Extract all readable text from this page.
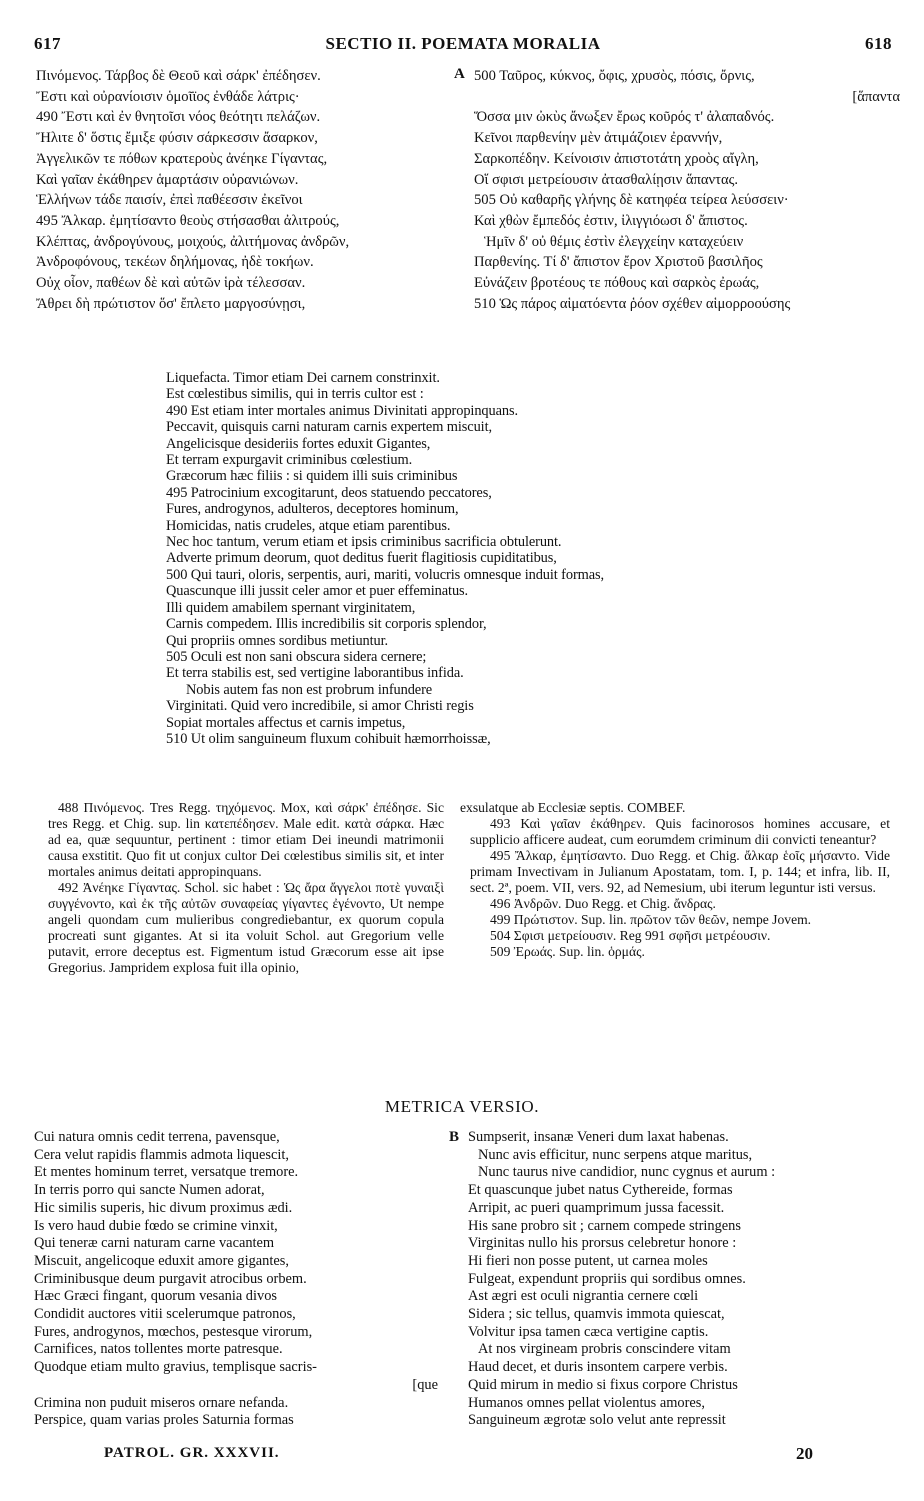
SECTIO II. POEMATA MORALIA
617	618
A
B
Πινόμενος. Τάρβος δὲ Θεοῦ καὶ σάρκ' ἐπέδησεν.
Ἔστι καὶ οὐρανίοισιν ὁμοῖϊος ἐνθάδε λάτρις·
490 Ἔστι καὶ ἐν θνητοῖσι νόος θεότητι πελάζων.
Ἤλιτε δ' ὅστις ἔμιξε φύσιν σάρκεσσιν ἄσαρκον,
Ἀγγελικῶν τε πόθων κρατεροὺς ἀνέηκε Γίγαντας,
Καὶ γαῖαν ἐκάθηρεν ἁμαρτάσιν οὐρανιώνων.
Ἑλλήνων τάδε παισίν, ἐπεὶ παθέεσσιν ἐκεῖνοι
495 Ἄλκαρ. ἐμητίσαντο θεοὺς στήσασθαι ἀλιτρούς,
Κλέπτας, ἀνδρογύνους, μοιχούς, ἀλιτήμονας ἀνδρῶν,
Ἀνδροφόνους, τεκέων δηλήμονας, ἠδὲ τοκήων.
Οὐχ οἷον, παθέων δὲ καὶ αὐτῶν ἱρὰ τέλεσσαν.
Ἄθρει δὴ πρώτιστον ὅσ' ἔπλετο μαργοσύνῃσι,
500 Ταῦρος, κύκνος, ὄφις, χρυσὸς, πόσις, ὄρνις,
[ἅπαντα
Ὅσσα μιν ὠκὺς ἄνωξεν ἔρως κοῦρός τ' ἀλαπαδνός.
Κεῖνοι παρθενίην μὲν ἀτιμάζοιεν ἐραννήν,
Σαρκοπέδην. Κείνοισιν ἀπιστοτάτη χροὸς αἴγλη,
Οἵ σφισι μετρείουσιν ἀτασθαλίῃσιν ἅπαντας.
505 Οὐ καθαρῆς γλήνης δὲ κατηφέα τείρεα λεύσσειν·
Καὶ χθὼν ἔμπεδός ἐστιν, ἰλιγγιόωσι δ' ἄπιστος.
Ἡμῖν δ' οὐ θέμις ἐστὶν ἐλεγχείην καταχεύειν
Παρθενίης. Τί δ' ἄπιστον ἔρον Χριστοῦ βασιλῆος
Εὐνάζειν βροτέους τε πόθους καὶ σαρκὸς ἐρωάς,
510 Ὡς πάρος αἱματόεντα ῥόον σχέθεν αἱμορροούσης
Liquefacta. Timor etiam Dei carnem constrinxit.
Est cœlestibus similis, qui in terris cultor est :
490 Est etiam inter mortales animus Divinitati appropinquans.
Peccavit, quisquis carni naturam carnis expertem miscuit,
Angelicisque desideriis fortes eduxit Gigantes,
Et terram expurgavit criminibus cœlestium.
Græcorum hæc filiis : si quidem illi suis criminibus
495 Patrocinium excogitarunt, deos statuendo peccatores,
Fures, androgynos, adulteros, deceptores hominum,
Homicidas, natis crudeles, atque etiam parentibus.
Nec hoc tantum, verum etiam et ipsis criminibus sacrificia obtulerunt.
Adverte primum deorum, quot deditus fuerit flagitiosis cupiditatibus,
500 Qui tauri, oloris, serpentis, auri, mariti, volucris omnesque induit formas,
Quascunque illi jussit celer amor et puer effeminatus.
Illi quidem amabilem spernant virginitatem,
Carnis compedem. Illis incredibilis sit corporis splendor,
Qui propriis omnes sordibus metiuntur.
505 Oculi est non sani obscura sidera cernere;
Et terra stabilis est, sed vertigine laborantibus infida.
Nobis autem fas non est probrum infundere
Virginitati. Quid vero incredibile, si amor Christi regis
Sopiat mortales affectus et carnis impetus,
510 Ut olim sanguineum fluxum cohibuit hæmorrhoissæ,

488 Πινόμενος. Tres Regg. τηχόμενος. Mox, καὶ σάρκ' ἐπέδησε. Sic tres Regg. et Chig. sup. lin κατεπέδησεν. Male edit. κατὰ σάρκα. Hæc ad ea, quæ sequuntur, pertinent : timor etiam Dei ineundi matrimonii causa exstitit. Quo fit ut conjux cultor Dei cœlestibus similis sit, et inter mortales animus deitati appropinquans.

492 Ἀνέηκε Γίγαντας. Schol. sic habet : Ὡς ἄρα ἄγγελοι ποτὲ γυναιξὶ συγγένοντο, καὶ ἐκ τῆς αὐτῶν συναφείας γίγαντες ἐγένοντο, Ut nempe angeli quondam cum mulieribus congrediebantur, ex quorum copula procreati sunt gigantes. At si ita voluit Schol. aut Gregorium velle putavit, errore deceptus est. Figmentum istud Græcorum esse ait ipse Gregorius. Jampridem explosa fuit illa opinio,

exsulatque ab Ecclesiæ septis. COMBEF.

493 Καὶ γαῖαν ἐκάθηρεν. Quis facinorosos homines accusare, et supplicio afficere audeat, cum eorumdem criminum dii convicti teneantur?

495 Ἄλκαρ, ἐμητίσαντο. Duo Regg. et Chig. ἄλκαρ ἑοῖς μήσαντο. Vide primam Invectivam in Julianum Apostatam, tom. I, p. 144; et infra, lib. II, sect. 2ª, poem. VII, vers. 92, ad Nemesium, ubi iterum leguntur isti versus.

496 Ἀνδρῶν. Duo Regg. et Chig. ἄνδρας.

499 Πρώτιστον. Sup. lin. πρῶτον τῶν θεῶν, nempe Jovem.

504 Σφισι μετρείουσιν. Reg 991 σφῆσι μετρέουσιν.

509 Ἐρωάς. Sup. lin. ὁρμάς.

METRICA VERSIO.
Cui natura omnis cedit terrena, pavensque,
Cera velut rapidis flammis admota liquescit,
Et mentes hominum terret, versatque tremore.
In terris porro qui sancte Numen adorat,
Hic similis superis, hic divum proximus ædi.
Is vero haud dubie fœdo se crimine vinxit,
Qui teneræ carni naturam carne vacantem
Miscuit, angelicoque eduxit amore gigantes,
Criminibusque deum purgavit atrocibus orbem.
Hæc Græci fingant, quorum vesania divos
Condidit auctores vitii scelerumque patronos,
Fures, androgynos, mœchos, pestesque virorum,
Carnifices, natos tollentes morte patresque.
Quodque etiam multo gravius, templisque sacris-
[que
Crimina non puduit miseros ornare nefanda.
Perspice, quam varias proles Saturnia formas
Sumpserit, insanæ Veneri dum laxat habenas.
Nunc avis efficitur, nunc serpens atque maritus,
Nunc taurus nive candidior, nunc cygnus et aurum :
Et quascunque jubet natus Cythereide, formas
Arripit, ac pueri quamprimum jussa facessit.
His sane probro sit ; carnem compede stringens
Virginitas nullo his prorsus celebretur honore :
Hi fieri non posse putent, ut carnea moles
Fulgeat, expendunt propriis qui sordibus omnes.
Ast ægri est oculi nigrantia cernere cœli
Sidera ; sic tellus, quamvis immota quiescat,
Volvitur ipsa tamen cæca vertigine captis.
At nos virgineam probris conscindere vitam
Haud decet, et duris insontem carpere verbis.
Quid mirum in medio si fixus corpore Christus
Humanos omnes pellat violentus amores,
Sanguineum ægrotæ solo velut ante repressit
PATROL. GR. XXXVII.	20
